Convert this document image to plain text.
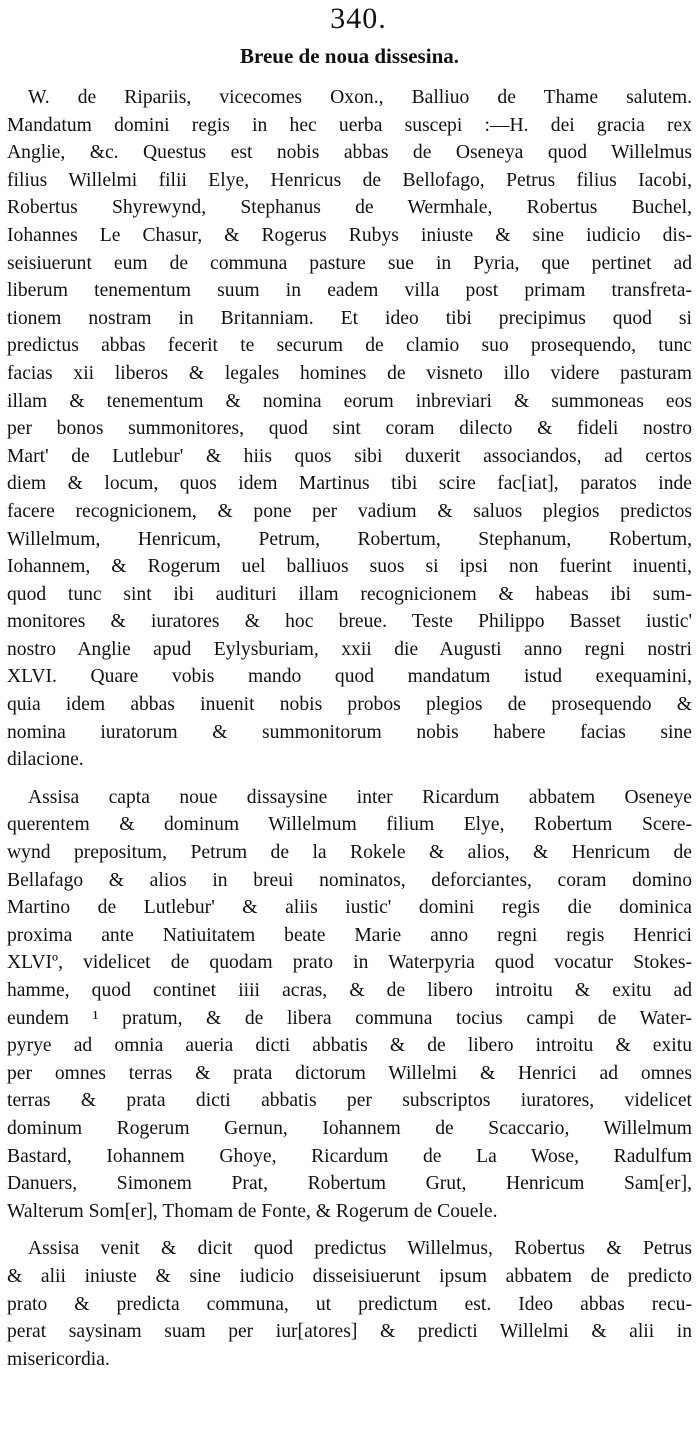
340.
Breue de noua dissesina.
W. de Ripariis, vicecomes Oxon., Balliuo de Thame salutem.
Mandatum domini regis in hec uerba suscepi :—H. dei gracia rex
Anglie, &c. Questus est nobis abbas de Oseneya quod Willelmus
filius Willelmi filii Elye, Henricus de Bellofago, Petrus filius Iacobi,
Robertus Shyrewynd, Stephanus de Wermhale, Robertus Buchel,
Iohannes Le Chasur, & Rogerus Rubys iniuste & sine iudicio dis-
seisiuerunt eum de communa pasture sue in Pyria, que pertinet ad
liberum tenementum suum in eadem villa post primam transfreta-
tionem nostram in Britanniam. Et ideo tibi precipimus quod si
predictus abbas fecerit te securum de clamio suo prosequendo, tunc
facias xii liberos & legales homines de visneto illo videre pasturam
illam & tenementum & nomina eorum inbreviari & summoneas eos
per bonos summonitores, quod sint coram dilecto & fideli nostro
Mart' de Lutlebur' & hiis quos sibi duxerit associandos, ad certos
diem & locum, quos idem Martinus tibi scire fac[iat], paratos inde
facere recognicionem, & pone per vadium & saluos plegios predictos
Willelmum, Henricum, Petrum, Robertum, Stephanum, Robertum,
Iohannem, & Rogerum uel balliuos suos si ipsi non fuerint inuenti,
quod tunc sint ibi audituri illam recognicionem & habeas ibi sum-
monitores & iuratores & hoc breue. Teste Philippo Basset iustic'
nostro Anglie apud Eylysburiam, xxii die Augusti anno regni nostri
XLVI. Quare vobis mando quod mandatum istud exequamini,
quia idem abbas inuenit nobis probos plegios de prosequendo &
nomina iuratorum & summonitorum nobis habere facias sine
dilacione.
Assisa capta noue dissaysine inter Ricardum abbatem Oseneye
querentem & dominum Willelmum filium Elye, Robertum Scere-
wynd prepositum, Petrum de la Rokele & alios, & Henricum de
Bellafago & alios in breui nominatos, deforciantes, coram domino
Martino de Lutlebur' & aliis iustic' domini regis die dominica
proxima ante Natiuitatem beate Marie anno regni regis Henrici
XLVIº, videlicet de quodam prato in Waterpyria quod vocatur Stokes-
hamme, quod continet iiii acras, & de libero introitu & exitu ad
eundem ¹ pratum, & de libera communa tocius campi de Water-
pyrye ad omnia aueria dicti abbatis & de libero introitu & exitu
per omnes terras & prata dictorum Willelmi & Henrici ad omnes
terras & prata dicti abbatis per subscriptos iuratores, videlicet
dominum Rogerum Gernun, Iohannem de Scaccario, Willelmum
Bastard, Iohannem Ghoye, Ricardum de La Wose, Radulfum
Danuers, Simonem Prat, Robertum Grut, Henricum Sam[er],
Walterum Som[er], Thomam de Fonte, & Rogerum de Couele.
Assisa venit & dicit quod predictus Willelmus, Robertus & Petrus
& alii iniuste & sine iudicio disseisiuerunt ipsum abbatem de predicto
prato & predicta communa, ut predictum est. Ideo abbas recu-
perat saysinam suam per iur[atores] & predicti Willelmi & alii in
misericordia.
